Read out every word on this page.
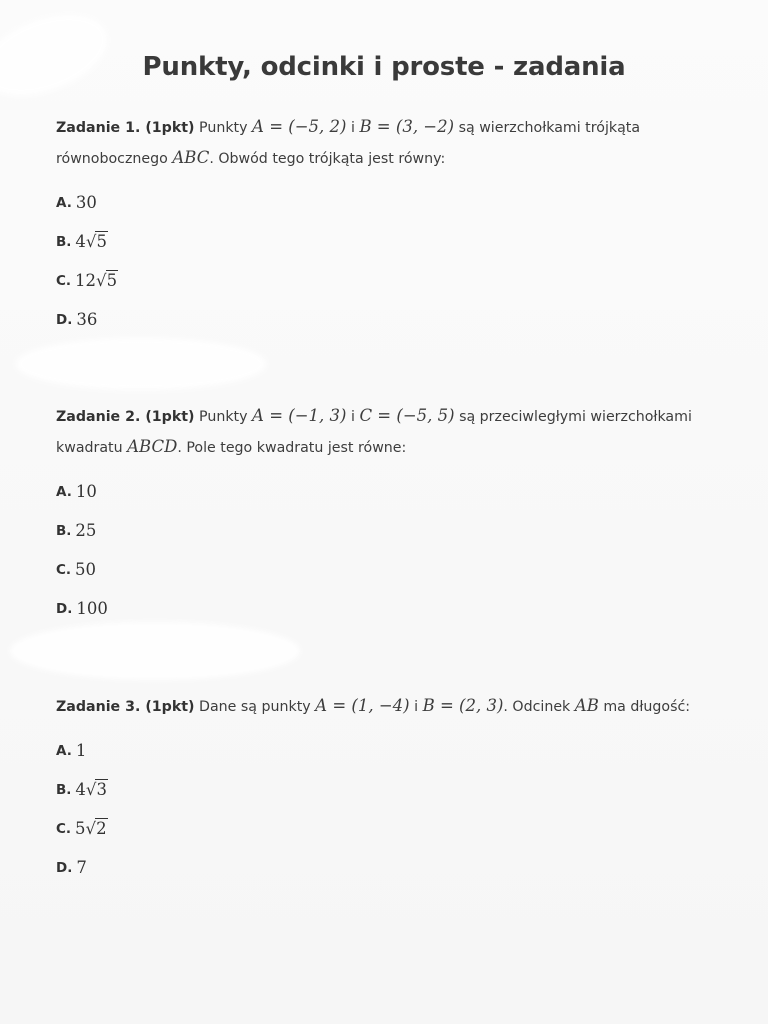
Punkty, odcinki i proste - zadania
Zadanie 1. (1pkt) Punkty A = (−5, 2) i B = (3, −2) są wierzchołkami trójkąta równobocznego ABC. Obwód tego trójkąta jest równy:
A. 30
B. 4√5
C. 12√5
D. 36
Zadanie 2. (1pkt) Punkty A = (−1, 3) i C = (−5, 5) są przeciwległymi wierzchołkami kwadratu ABCD. Pole tego kwadratu jest równe:
A. 10
B. 25
C. 50
D. 100
Zadanie 3. (1pkt) Dane są punkty A = (1, −4) i B = (2, 3). Odcinek AB ma długość:
A. 1
B. 4√3
C. 5√2
D. 7
